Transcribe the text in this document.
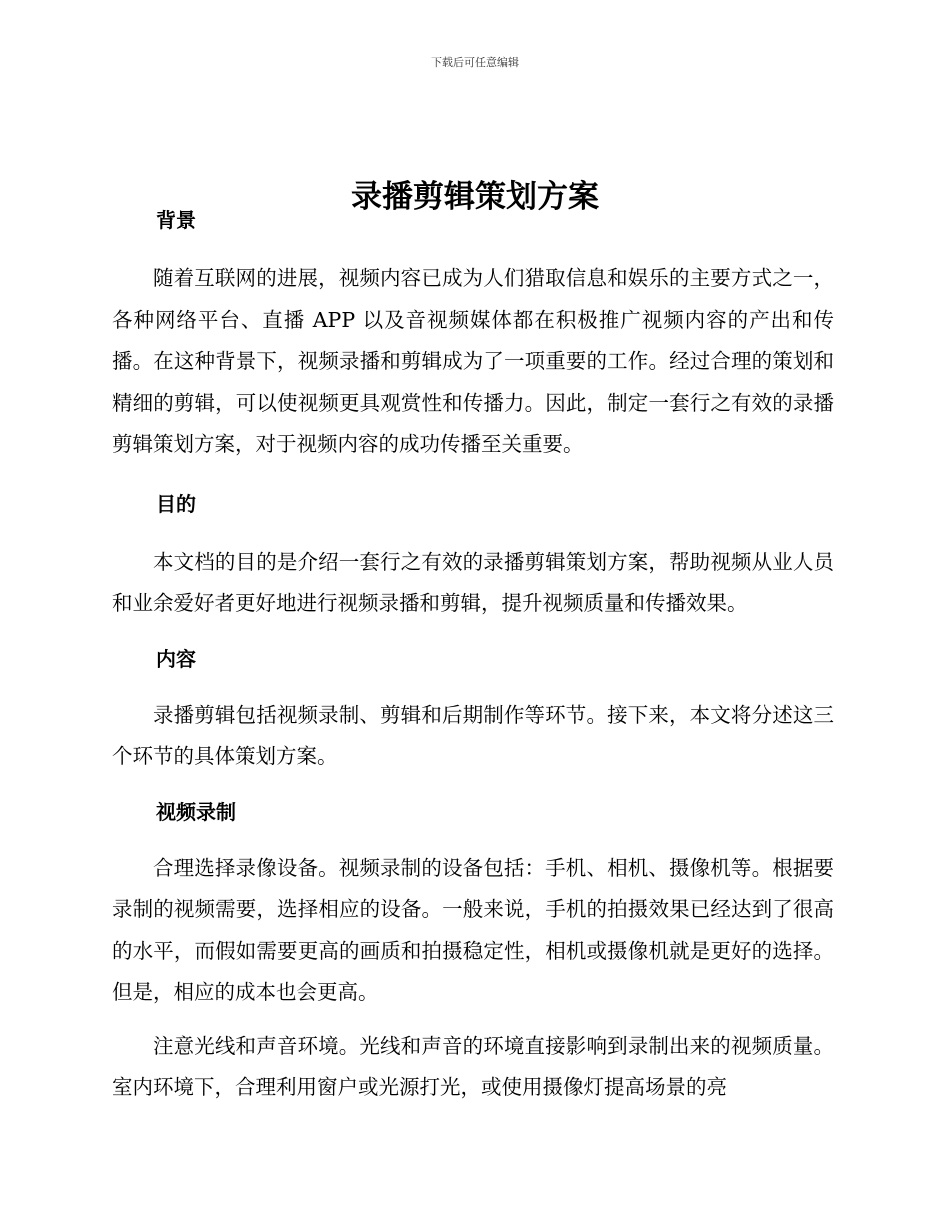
下载后可任意编辑
录播剪辑策划方案
背景

随着互联网的进展，视频内容已成为人们猎取信息和娱乐的主要方式之一，各种网络平台、直播 APP 以及音视频媒体都在积极推广视频内容的产出和传播。在这种背景下，视频录播和剪辑成为了一项重要的工作。经过合理的策划和精细的剪辑，可以使视频更具观赏性和传播力。因此，制定一套行之有效的录播剪辑策划方案，对于视频内容的成功传播至关重要。

目的

本文档的目的是介绍一套行之有效的录播剪辑策划方案，帮助视频从业人员和业余爱好者更好地进行视频录播和剪辑，提升视频质量和传播效果。

内容

录播剪辑包括视频录制、剪辑和后期制作等环节。接下来，本文将分述这三个环节的具体策划方案。

视频录制

合理选择录像设备。视频录制的设备包括：手机、相机、摄像机等。根据要录制的视频需要，选择相应的设备。一般来说，手机的拍摄效果已经达到了很高的水平，而假如需要更高的画质和拍摄稳定性，相机或摄像机就是更好的选择。但是，相应的成本也会更高。

注意光线和声音环境。光线和声音的环境直接影响到录制出来的视频质量。室内环境下，合理利用窗户或光源打光，或使用摄像灯提高场景的亮
